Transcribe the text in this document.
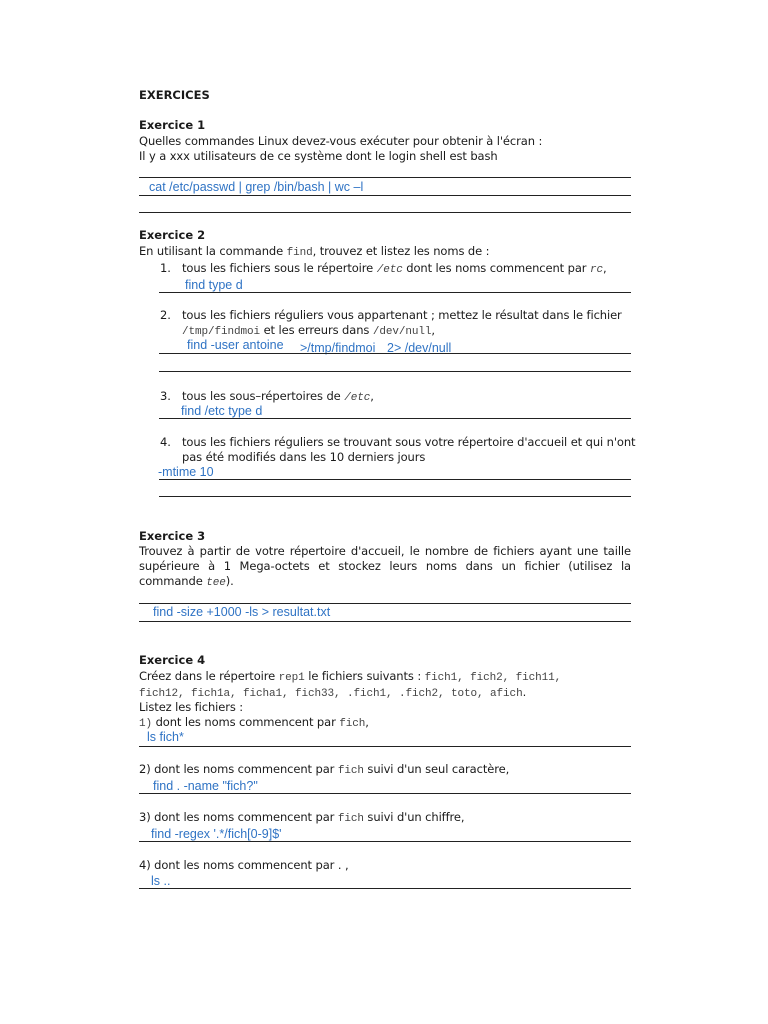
EXERCICES
Exercice 1
Quelles commandes Linux devez-vous exécuter pour obtenir à l'écran :
Il y a xxx utilisateurs de ce système dont le login shell est bash
cat /etc/passwd | grep /bin/bash | wc –l
Exercice 2
En utilisant la commande find, trouvez et listez les noms de :
1. tous les fichiers sous le répertoire /etc dont les noms commencent par rc,
find type d
2. tous les fichiers réguliers vous appartenant ; mettez le résultat dans le fichier
/tmp/findmoi et les erreurs dans /dev/null,
find -user antoine >/tmp/findmoi 2> /dev/null
3. tous les sous–répertoires de /etc,
find /etc type d
4. tous les fichiers réguliers se trouvant sous votre répertoire d'accueil et qui n'ont
pas été modifiés dans les 10 derniers jours
-mtime 10
Exercice 3
Trouvez à partir de votre répertoire d'accueil, le nombre de fichiers ayant une taille
supérieure à 1 Mega-octets et stockez leurs noms dans un fichier (utilisez la
commande tee).
find -size +1000 -ls > resultat.txt
Exercice 4
Créez dans le répertoire rep1 le fichiers suivants : fich1, fich2, fich11,
fich12, fich1a, ficha1, fich33, .fich1, .fich2, toto, afich.
Listez les fichiers :
1) dont les noms commencent par fich,
ls fich*
2) dont les noms commencent par fich suivi d'un seul caractère,
find . -name "fich?"
3) dont les noms commencent par fich suivi d'un chiffre,
find -regex '.*/fich[0-9]$'
4) dont les noms commencent par . ,
ls ..
